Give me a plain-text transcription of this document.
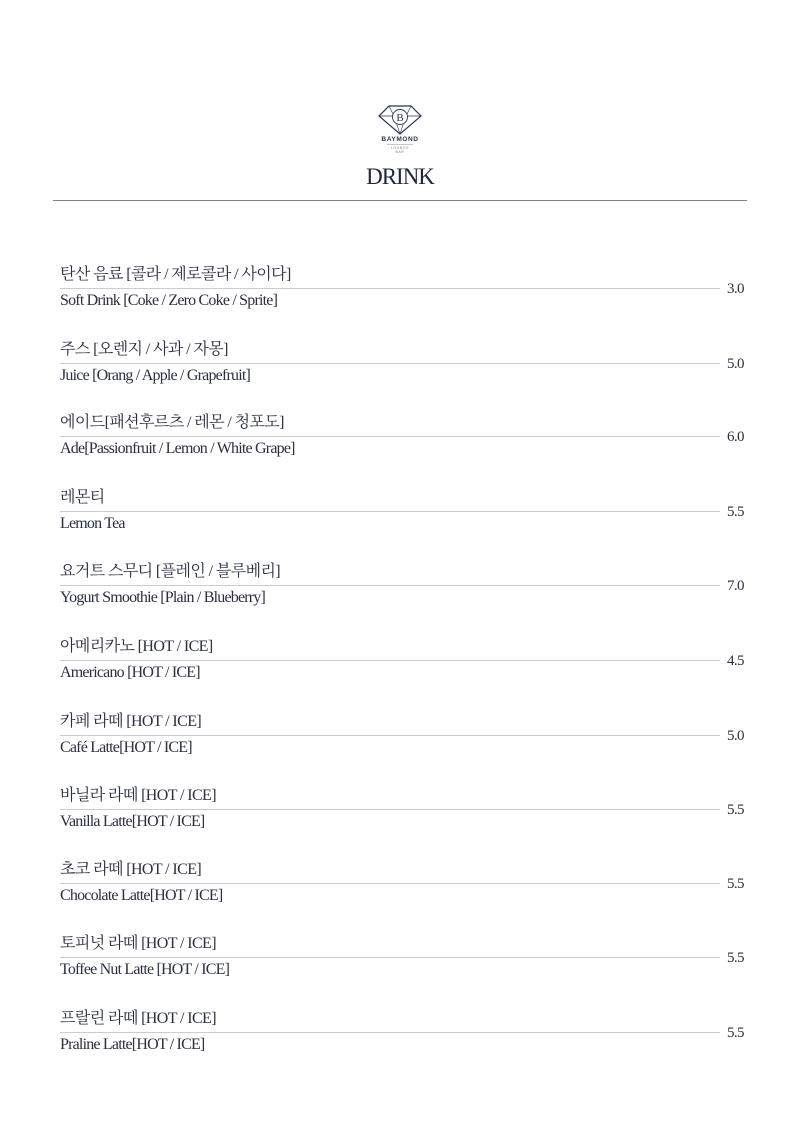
B
BAYMOND
LOUNGE BAR
DRINK
탄산 음료 [콜라 / 제로콜라 / 사이다]
Soft Drink [Coke / Zero Coke / Sprite]
3.0
주스 [오렌지 / 사과 / 자몽]
Juice [Orang / Apple / Grapefruit]
5.0
에이드[패션후르츠 / 레몬 / 청포도]
Ade[Passionfruit / Lemon / White Grape]
6.0
레몬티
Lemon Tea
5.5
요거트 스무디 [플레인 / 블루베리]
Yogurt Smoothie [Plain / Blueberry]
7.0
아메리카노 [HOT / ICE]
Americano [HOT / ICE]
4.5
카페 라떼 [HOT / ICE]
Café Latte[HOT / ICE]
5.0
바닐라 라떼 [HOT / ICE]
Vanilla Latte[HOT / ICE]
5.5
초코 라떼 [HOT / ICE]
Chocolate Latte[HOT / ICE]
5.5
토피넛 라떼 [HOT / ICE]
Toffee Nut Latte [HOT / ICE]
5.5
프랄린 라떼 [HOT / ICE]
Praline Latte[HOT / ICE]
5.5
